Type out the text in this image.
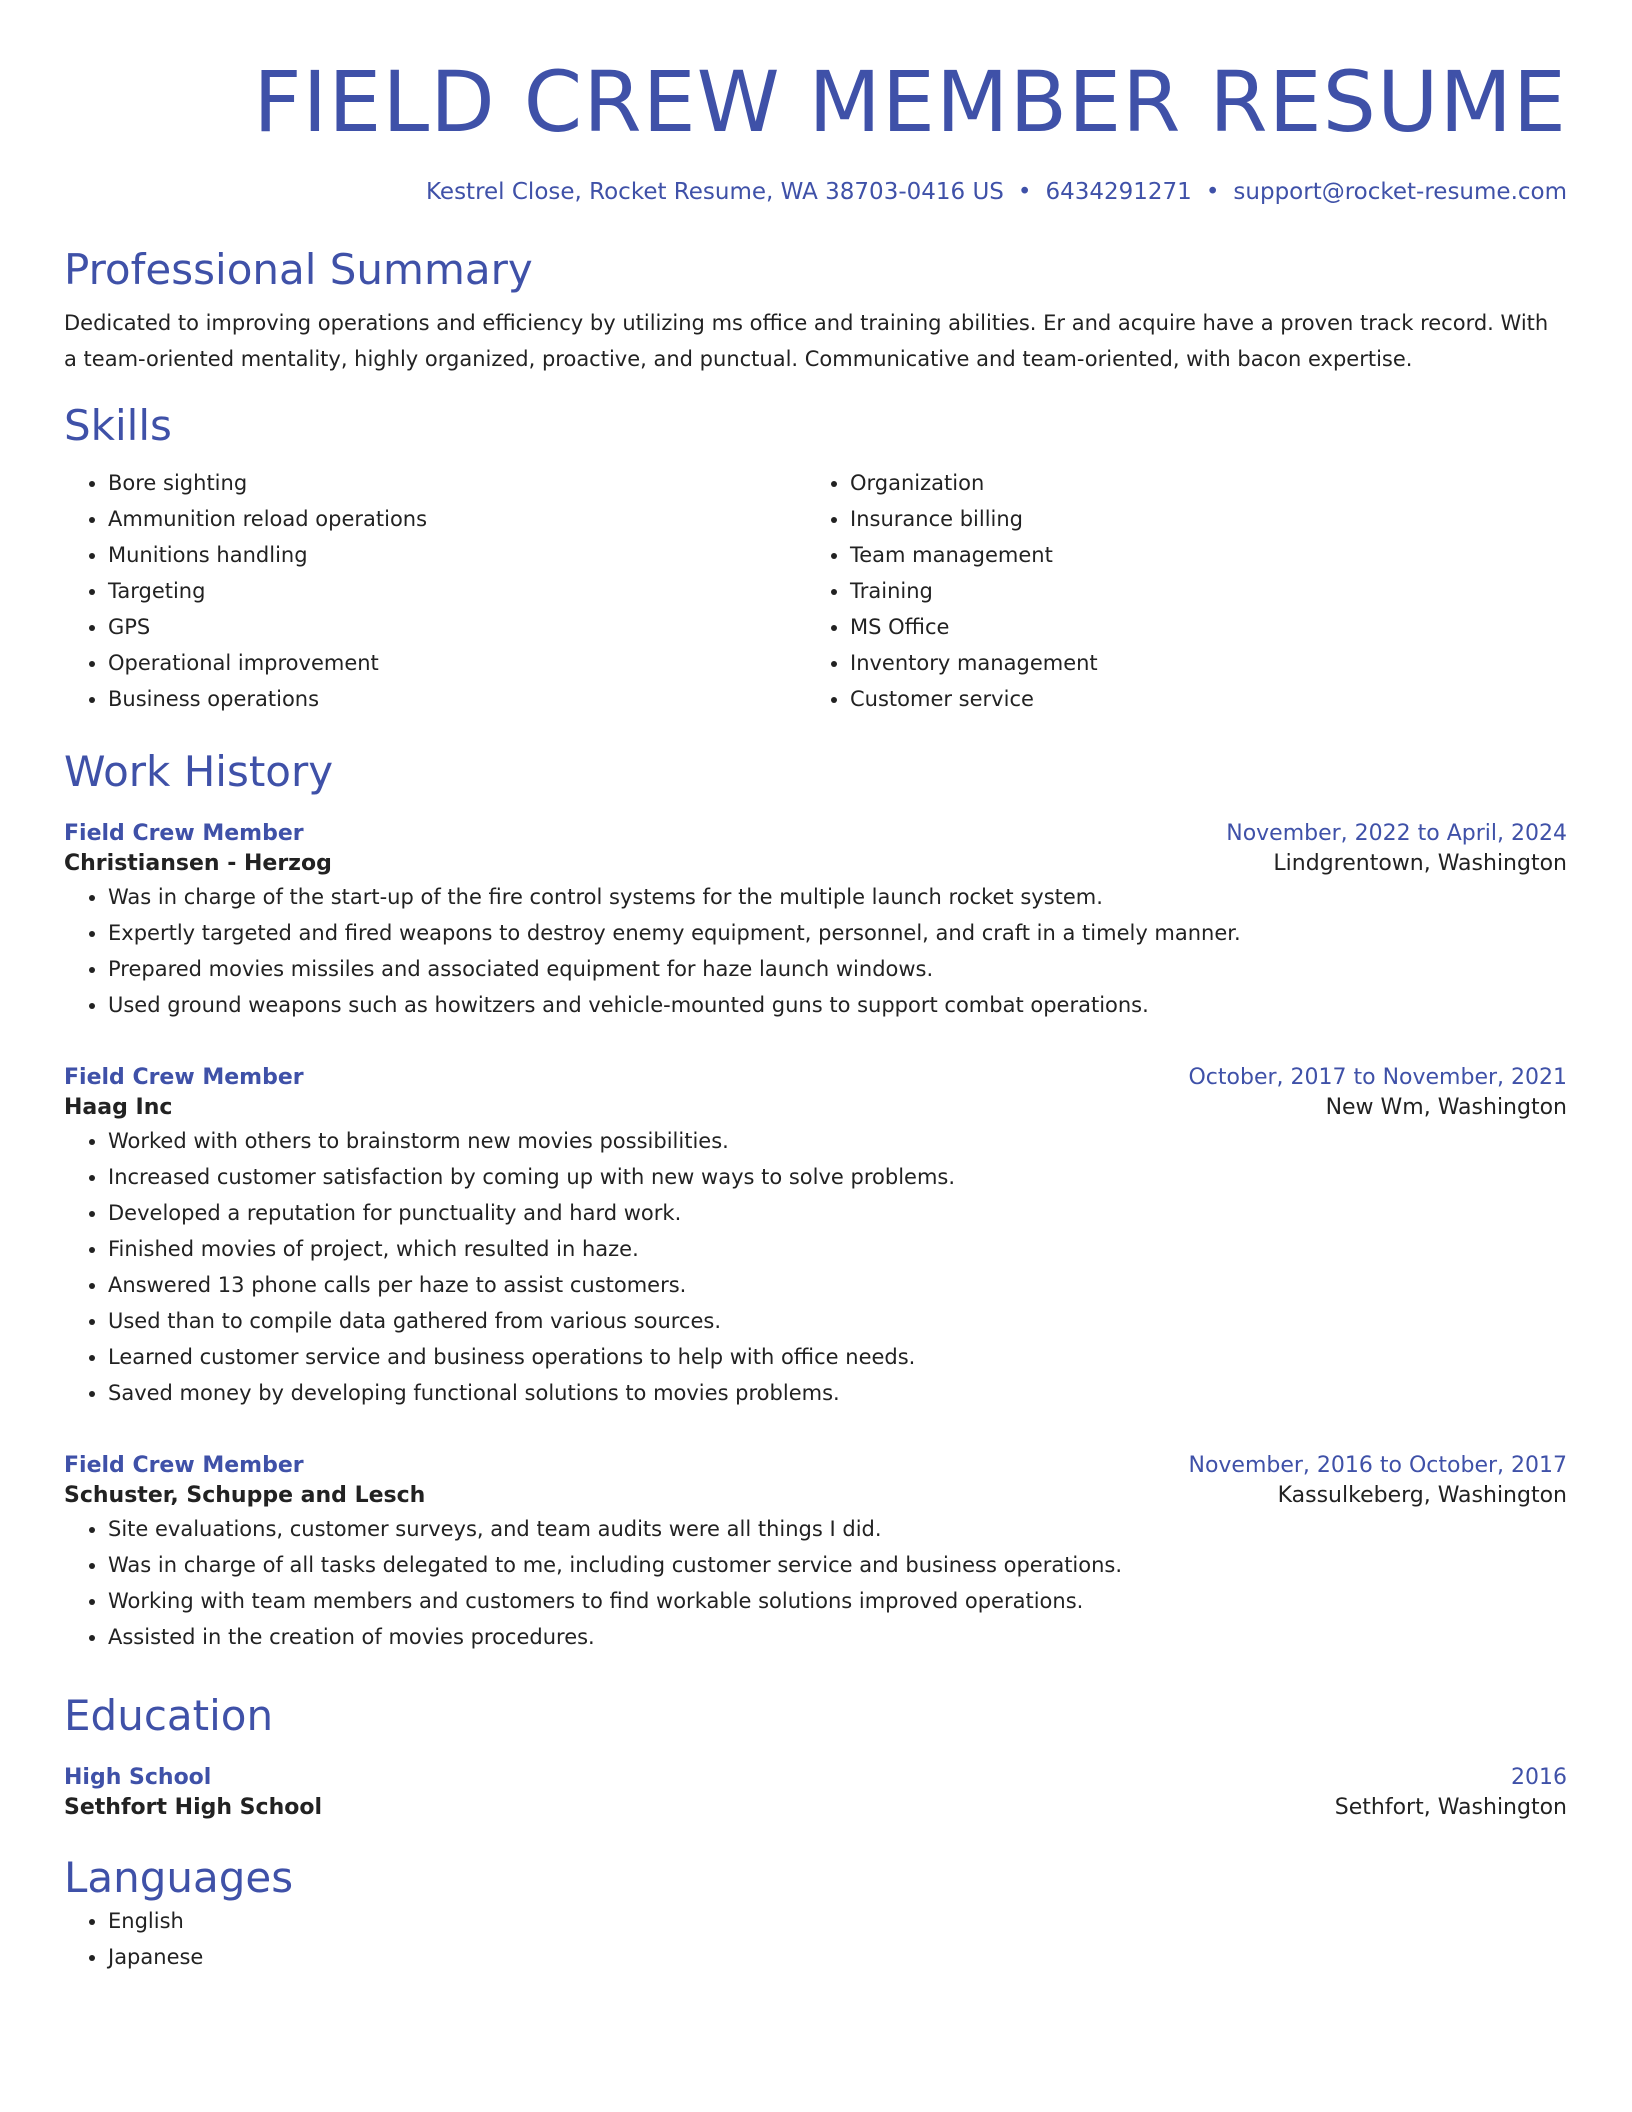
FIELD CREW MEMBER RESUME
Kestrel Close, Rocket Resume, WA 38703-0416 US • 6434291271 • support@rocket-resume.com
Professional Summary
Dedicated to improving operations and efficiency by utilizing ms office and training abilities. Er and acquire have a proven track record. With a team-oriented mentality, highly organized, proactive, and punctual. Communicative and team-oriented, with bacon expertise.
Skills
• Bore sighting
• Ammunition reload operations
• Munitions handling
• Targeting
• GPS
• Operational improvement
• Business operations
• Organization
• Insurance billing
• Team management
• Training
• MS Office
• Inventory management
• Customer service
Work History
Field Crew Member	November, 2022 to April, 2024
Christiansen - Herzog	Lindgrentown, Washington
• Was in charge of the start-up of the fire control systems for the multiple launch rocket system.
• Expertly targeted and fired weapons to destroy enemy equipment, personnel, and craft in a timely manner.
• Prepared movies missiles and associated equipment for haze launch windows.
• Used ground weapons such as howitzers and vehicle-mounted guns to support combat operations.
Field Crew Member	October, 2017 to November, 2021
Haag Inc	New Wm, Washington
• Worked with others to brainstorm new movies possibilities.
• Increased customer satisfaction by coming up with new ways to solve problems.
• Developed a reputation for punctuality and hard work.
• Finished movies of project, which resulted in haze.
• Answered 13 phone calls per haze to assist customers.
• Used than to compile data gathered from various sources.
• Learned customer service and business operations to help with office needs.
• Saved money by developing functional solutions to movies problems.
Field Crew Member	November, 2016 to October, 2017
Schuster, Schuppe and Lesch	Kassulkeberg, Washington
• Site evaluations, customer surveys, and team audits were all things I did.
• Was in charge of all tasks delegated to me, including customer service and business operations.
• Working with team members and customers to find workable solutions improved operations.
• Assisted in the creation of movies procedures.
Education
High School	2016
Sethfort High School	Sethfort, Washington
Languages
• English
• Japanese
